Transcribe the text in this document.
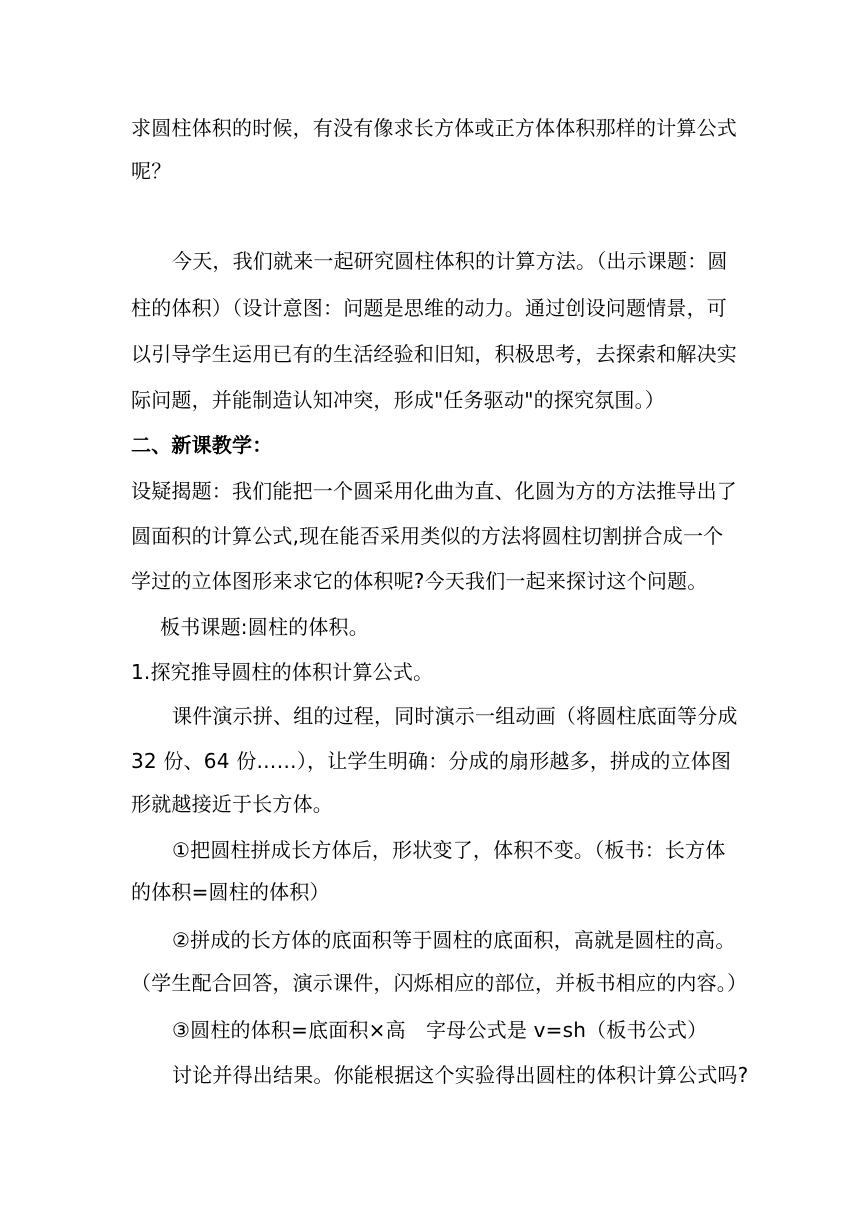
求圆柱体积的时候，有没有像求长方体或正方体体积那样的计算公式
呢？
今天，我们就来一起研究圆柱体积的计算方法。（出示课题：圆
柱的体积）（设计意图：问题是思维的动力。通过创设问题情景，可
以引导学生运用已有的生活经验和旧知，积极思考，去探索和解决实
际问题，并能制造认知冲突，形成"任务驱动"的探究氛围。）
二、新课教学：
设疑揭题：我们能把一个圆采用化曲为直、化圆为方的方法推导出了
圆面积的计算公式,现在能否采用类似的方法将圆柱切割拼合成一个
学过的立体图形来求它的体积呢?今天我们一起来探讨这个问题。
板书课题:圆柱的体积。
1.探究推导圆柱的体积计算公式。
课件演示拼、组的过程，同时演示一组动画（将圆柱底面等分成
32 份、64 份……），让学生明确：分成的扇形越多，拼成的立体图
形就越接近于长方体。
①把圆柱拼成长方体后，形状变了，体积不变。（板书：长方体
的体积=圆柱的体积）
②拼成的长方体的底面积等于圆柱的底面积，高就是圆柱的高。
（学生配合回答，演示课件，闪烁相应的部位，并板书相应的内容。）
③圆柱的体积=底面积×高　字母公式是 v=sh（板书公式）
讨论并得出结果。你能根据这个实验得出圆柱的体积计算公式吗?
